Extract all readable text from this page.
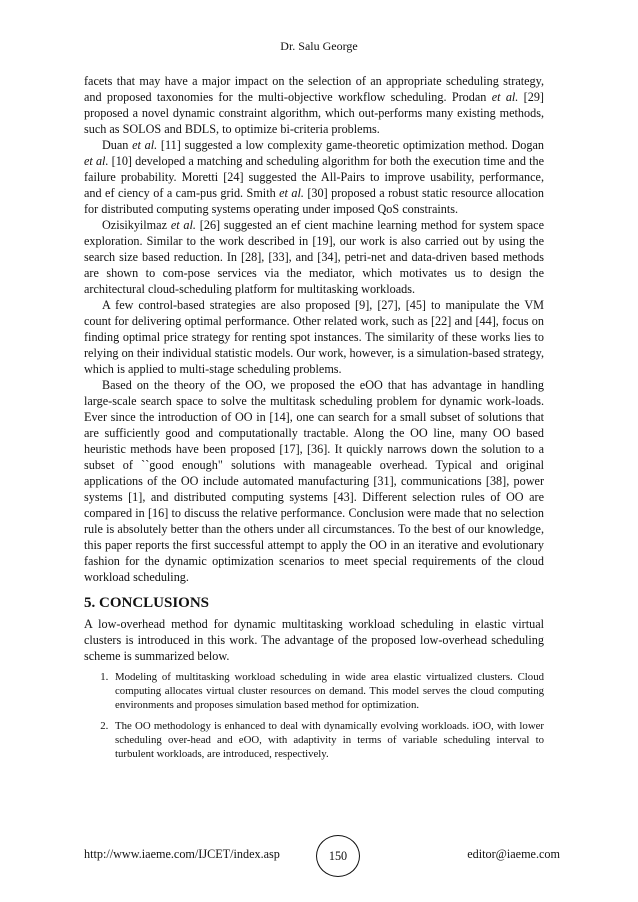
Dr. Salu George

facets that may have a major impact on the selection of an appropriate scheduling strategy, and proposed taxonomies for the multi-objective workflow scheduling. Prodan et al. [29] proposed a novel dynamic constraint algorithm, which out-performs many existing methods, such as SOLOS and BDLS, to optimize bi-criteria problems.

Duan et al. [11] suggested a low complexity game-theoretic optimization method. Dogan et al. [10] developed a matching and scheduling algorithm for both the execution time and the failure probability. Moretti [24] suggested the All-Pairs to improve usability, performance, and ef ciency of a cam-pus grid. Smith et al. [30] proposed a robust static resource allocation for distributed computing systems operating under imposed QoS constraints.

Ozisikyilmaz et al. [26] suggested an ef cient machine learning method for system space exploration. Similar to the work described in [19], our work is also carried out by using the search size based reduction. In [28], [33], and [34], petri-net and data-driven based methods are shown to com-pose services via the mediator, which motivates us to design the architectural cloud-scheduling platform for multitasking workloads.

A few control-based strategies are also proposed [9], [27], [45] to manipulate the VM count for delivering optimal performance. Other related work, such as [22] and [44], focus on finding optimal price strategy for renting spot instances. The similarity of these works lies to relying on their individual statistic models. Our work, however, is a simulation-based strategy, which is applied to multi-stage scheduling problems.

Based on the theory of the OO, we proposed the eOO that has advantage in handling large-scale search space to solve the multitask scheduling problem for dynamic work-loads. Ever since the introduction of OO in [14], one can search for a small subset of solutions that are sufficiently good and computationally tractable. Along the OO line, many OO based heuristic methods have been proposed [17], [36]. It quickly narrows down the solution to a subset of ``good enough" solutions with manageable overhead. Typical and original applications of the OO include automated manufacturing [31], communications [38], power systems [1], and distributed computing systems [43]. Different selection rules of OO are compared in [16] to discuss the relative performance. Conclusion were made that no selection rule is absolutely better than the others under all circumstances. To the best of our knowledge, this paper reports the first successful attempt to apply the OO in an iterative and evolutionary fashion for the dynamic optimization scenarios to meet special requirements of the cloud workload scheduling.

5. CONCLUSIONS

A low-overhead method for dynamic multitasking workload scheduling in elastic virtual clusters is introduced in this work. The advantage of the proposed low-overhead scheduling scheme is summarized below.

1. Modeling of multitasking workload scheduling in wide area elastic virtualized clusters. Cloud computing allocates virtual cluster resources on demand. This model serves the cloud computing environments and proposes simulation based method for optimization.
2. The OO methodology is enhanced to deal with dynamically evolving workloads. iOO, with lower scheduling over-head and eOO, with adaptivity in terms of variable scheduling interval to turbulent workloads, are introduced, respectively.
http://www.iaeme.com/IJCET/index.asp	150	editor@iaeme.com
